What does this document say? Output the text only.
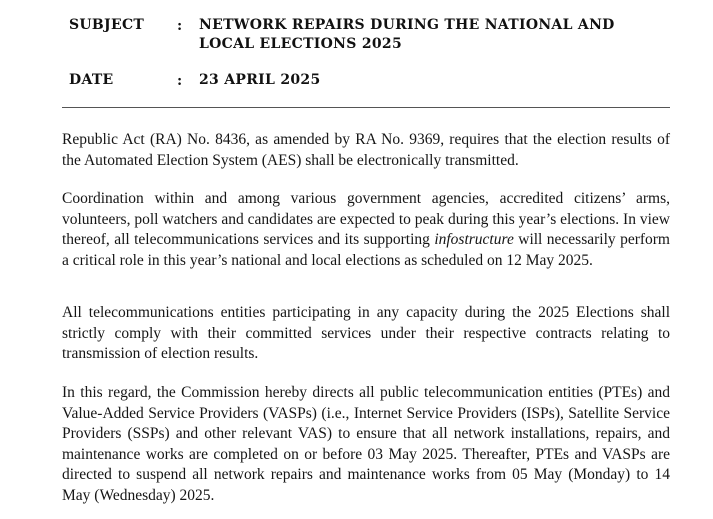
SUBJECT : NETWORK REPAIRS DURING THE NATIONAL AND
LOCAL ELECTIONS 2025
DATE	: 23 APRIL 2025

Republic Act (RA) No. 8436, as amended by RA No. 9369, requires that the election results of the Automated Election System (AES) shall be electronically transmitted.

Coordination within and among various government agencies, accredited citizens’ arms, volunteers, poll watchers and candidates are expected to peak during this year’s elections. In view thereof, all telecommunications services and its supporting infostructure will necessarily perform a critical role in this year’s national and local elections as scheduled on 12 May 2025.

All telecommunications entities participating in any capacity during the 2025 Elections shall strictly comply with their committed services under their respective contracts relating to transmission of election results.

In this regard, the Commission hereby directs all public telecommunication entities (PTEs) and Value-Added Service Providers (VASPs) (i.e., Internet Service Providers (ISPs), Satellite Service Providers (SSPs) and other relevant VAS) to ensure that all network installations, repairs, and maintenance works are completed on or before 03 May 2025. Thereafter, PTEs and VASPs are directed to suspend all network repairs and maintenance works from 05 May (Monday) to 14 May (Wednesday) 2025.
